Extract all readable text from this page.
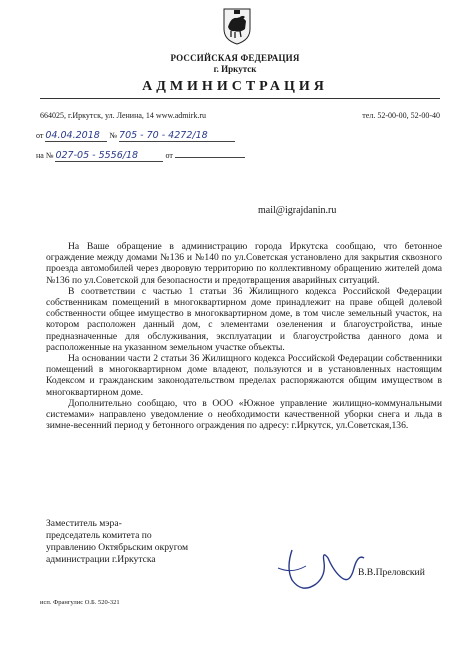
РОССИЙСКАЯ ФЕДЕРАЦИЯ
г. Иркутск
АДМИНИСТРАЦИЯ
664025, г.Иркутск, ул. Ленина, 14 www.admirk.ru	тел. 52-00-00, 52-00-40
от 04.04.2018 № 705 - 70 - 4272/18
на № 027-05 - 5556/18	от
mail@igrajdanin.ru

На Ваше обращение в администрацию города Иркутска сообщаю, что бетонное ограждение между домами №136 и №140 по ул.Советская установлено для закрытия сквозного проезда автомобилей через дворовую территорию по коллективному обращению жителей дома №136 по ул.Советской для безопасности и предотвращения аварийных ситуаций.

В соответствии с частью 1 статьи 36 Жилищного кодекса Российской Федерации собственникам помещений в многоквартирном доме принадлежит на праве общей долевой собственности общее имущество в многоквартирном доме, в том числе земельный участок, на котором расположен данный дом, с элементами озеленения и благоустройства, иные предназначенные для обслуживания, эксплуатации и благоустройства данного дома и расположенные на указанном земельном участке объекты.

На основании части 2 статьи 36 Жилищного кодекса Российской Федерации собственники помещений в многоквартирном доме владеют, пользуются и в установленных настоящим Кодексом и гражданским законодательством пределах распоряжаются общим имуществом в многоквартирном доме.

Дополнительно сообщаю, что в ООО «Южное управление жилищно-коммунальными системами» направлено уведомление о необходимости качественной уборки снега и льда в зимне-весенний период у бетонного ограждения по адресу: г.Иркутск, ул.Советская,136.

Заместитель мэра-
председатель комитета по
управлению Октябрьским округом
администрации г.Иркутска
В.В.Преловский
исп. Франгулис О.Б. 520-321
